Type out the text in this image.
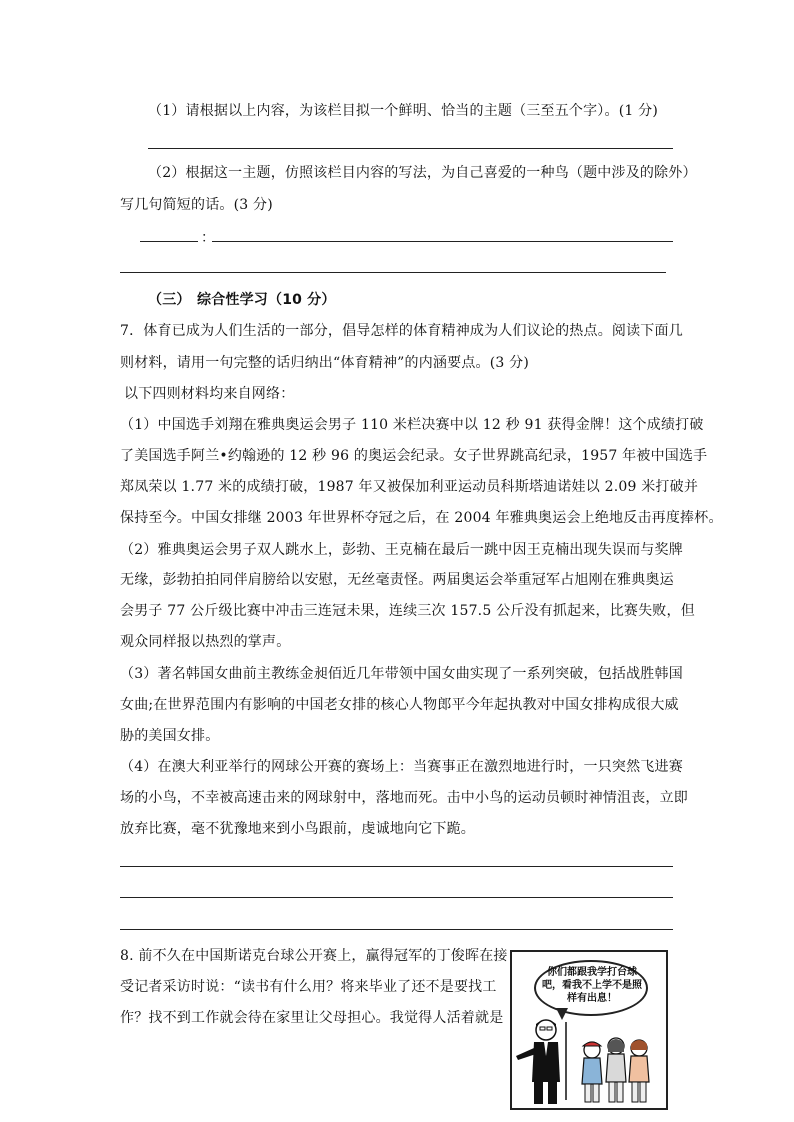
（1）请根据以上内容，为该栏目拟一个鲜明、恰当的主题（三至五个字）。(1 分)
（2）根据这一主题，仿照该栏目内容的写法，为自己喜爱的一种鸟（题中涉及的除外）
写几句简短的话。(3 分)
：
（三） 综合性学习（10 分）
7．体育已成为人们生活的一部分，倡导怎样的体育精神成为人们议论的热点。阅读下面几
则材料，请用一句完整的话归纳出“体育精神”的内涵要点。(3 分)
以下四则材料均来自网络：
（1）中国选手刘翔在雅典奥运会男子 110 米栏决赛中以 12 秒 91 获得金牌！这个成绩打破
了美国选手阿兰•约翰逊的 12 秒 96 的奥运会纪录。女子世界跳高纪录，1957 年被中国选手
郑凤荣以 1.77 米的成绩打破，1987 年又被保加利亚运动员科斯塔迪诺娃以 2.09 米打破并
保持至今。中国女排继 2003 年世界杯夺冠之后，在 2004 年雅典奥运会上绝地反击再度捧杯。
（2）雅典奥运会男子双人跳水上，彭勃、王克楠在最后一跳中因王克楠出现失误而与奖牌
无缘，彭勃拍拍同伴肩膀给以安慰，无丝毫责怪。两届奥运会举重冠军占旭刚在雅典奥运
会男子 77 公斤级比赛中冲击三连冠未果，连续三次 157.5 公斤没有抓起来，比赛失败，但
观众同样报以热烈的掌声。
（3）著名韩国女曲前主教练金昶佰近几年带领中国女曲实现了一系列突破，包括战胜韩国
女曲;在世界范围内有影响的中国老女排的核心人物郎平今年起执教对中国女排构成很大威
胁的美国女排。
（4）在澳大利亚举行的网球公开赛的赛场上：当赛事正在激烈地进行时，一只突然飞进赛
场的小鸟，不幸被高速击来的网球射中，落地而死。击中小鸟的运动员顿时神情沮丧，立即
放弃比赛，毫不犹豫地来到小鸟跟前，虔诚地向它下跪。
8. 前不久在中国斯诺克台球公开赛上，赢得冠军的丁俊晖在接
受记者采访时说：“读书有什么用？将来毕业了还不是要找工
作？找不到工作就会待在家里让父母担心。我觉得人活着就是
你们都跟我学打台球吧，看我不上学不是照样有出息！
